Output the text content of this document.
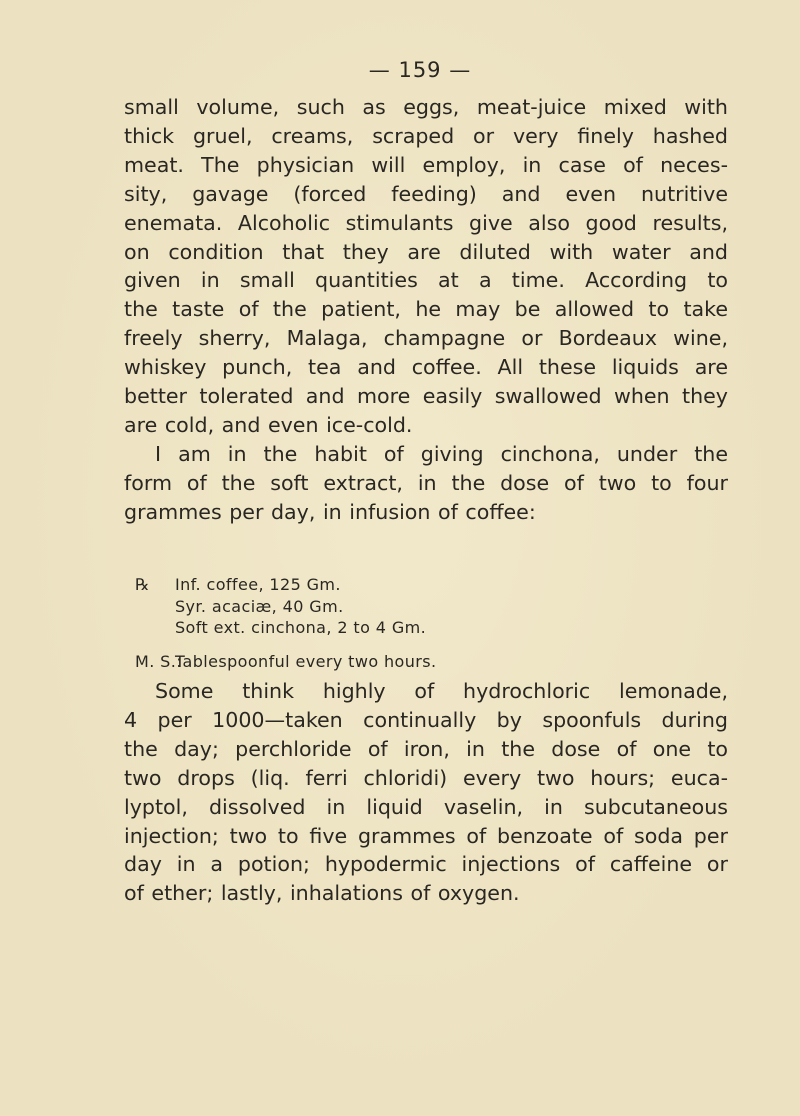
— 159 —

small volume, such as eggs, meat-juice mixed with
thick gruel, creams, scraped or very finely hashed
meat. The physician will employ, in case of neces-
sity, gavage (forced feeding) and even nutritive
enemata. Alcoholic stimulants give also good results,
on condition that they are diluted with water and
given in small quantities at a time. According to
the taste of the patient, he may be allowed to take
freely sherry, Malaga, champagne or Bordeaux wine,
whiskey punch, tea and coffee. All these liquids are
better tolerated and more easily swallowed when they
are cold, and even ice-cold.

I am in the habit of giving cinchona, under the
form of the soft extract, in the dose of two to four
grammes per day, in infusion of coffee:

℞ Inf. coffee, 125 Gm.
Syr. acaciæ, 40 Gm.
Soft ext. cinchona, 2 to 4 Gm.
M. S.:Tablespoonful every two hours.

Some think highly of hydrochloric lemonade,
4 per 1000—taken continually by spoonfuls during
the day; perchloride of iron, in the dose of one to
two drops (liq. ferri chloridi) every two hours; euca-
lyptol, dissolved in liquid vaselin, in subcutaneous
injection; two to five grammes of benzoate of soda per
day in a potion; hypodermic injections of caffeine or
of ether; lastly, inhalations of oxygen.
